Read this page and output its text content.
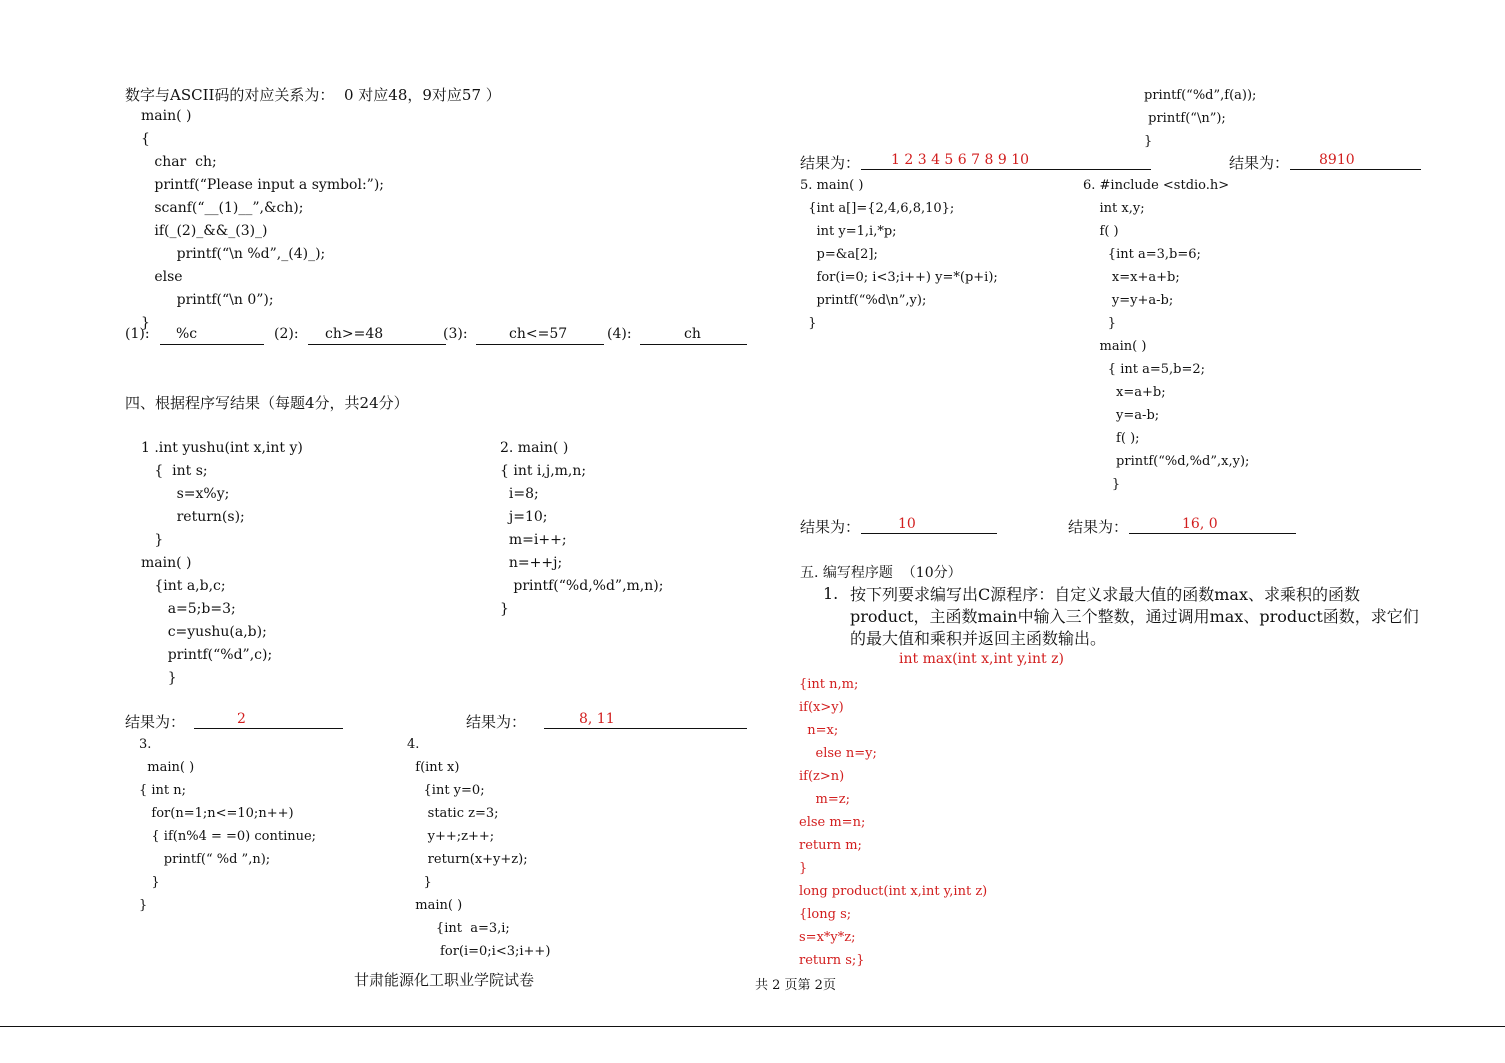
数字与ASCII码的对应关系为：  0 对应48，9对应57 ）
main( )
{
char  ch;
printf(“Please input a symbol:”);
scanf(“__(1)__”,&ch);
if(_(2)_&&_(3)_)
printf(“\n %d”,_(4)_);
else
printf(“\n 0”);
}
(1): %c	(2): ch>=48	(3):	ch<=57	(4):	ch
四、根据程序写结果（每题4分，共24分）
1 .int yushu(int x,int y)
{  int s;
s=x%y;
return(s);
}
main( )
{int a,b,c;
a=5;b=3;
c=yushu(a,b);
printf(“%d”,c);
}
2. main( )
{ int i,j,m,n;
i=8;
j=10;
m=i++;
n=++j;
printf(“%d,%d”,m,n);
}
结果为：	2	结果为：	8, 11
3.
main( )
{ int n;
for(n=1;n<=10;n++)
{ if(n%4 = =0) continue;
printf(“ %d ”,n);
}
}
4.
f(int x)
{int y=0;
static z=3;
y++;z++;
return(x+y+z);
}
main( )
{int  a=3,i;
for(i=0;i<3;i++)
甘肃能源化工职业学院试卷
printf(“%d”,f(a));
printf(“\n”);
}
结果为： 1 2 3 4 5 6 7 8 9 10	结果为： 8910
5. main( )
{int a[]={2,4,6,8,10};
int y=1,i,*p;
p=&a[2];
for(i=0; i<3;i++) y=*(p+i);
printf(“%d\n”,y);
}
6. #include <stdio.h>
int x,y;
f( )
{int a=3,b=6;
x=x+a+b;
y=y+a-b;
}
main( )
{ int a=5,b=2;
x=a+b;
y=a-b;
f( );
printf(“%d,%d”,x,y);
}
结果为：	10	结果为：	16, 0
五. 编写程序题  （10分）
1. 按下列要求编写出C源程序：自定义求最大值的函数max、求乘积的函数product，主函数main中输入三个整数，通过调用max、product函数，求它们的最大值和乘积并返回主函数输出。
int max(int x,int y,int z)
{int n,m;
if(x>y)
n=x;
else n=y;
if(z>n)
m=z;
else m=n;
return m;
}
long product(int x,int y,int z)
{long s;
s=x*y*z;
return s;}
共 2 页第 2页
